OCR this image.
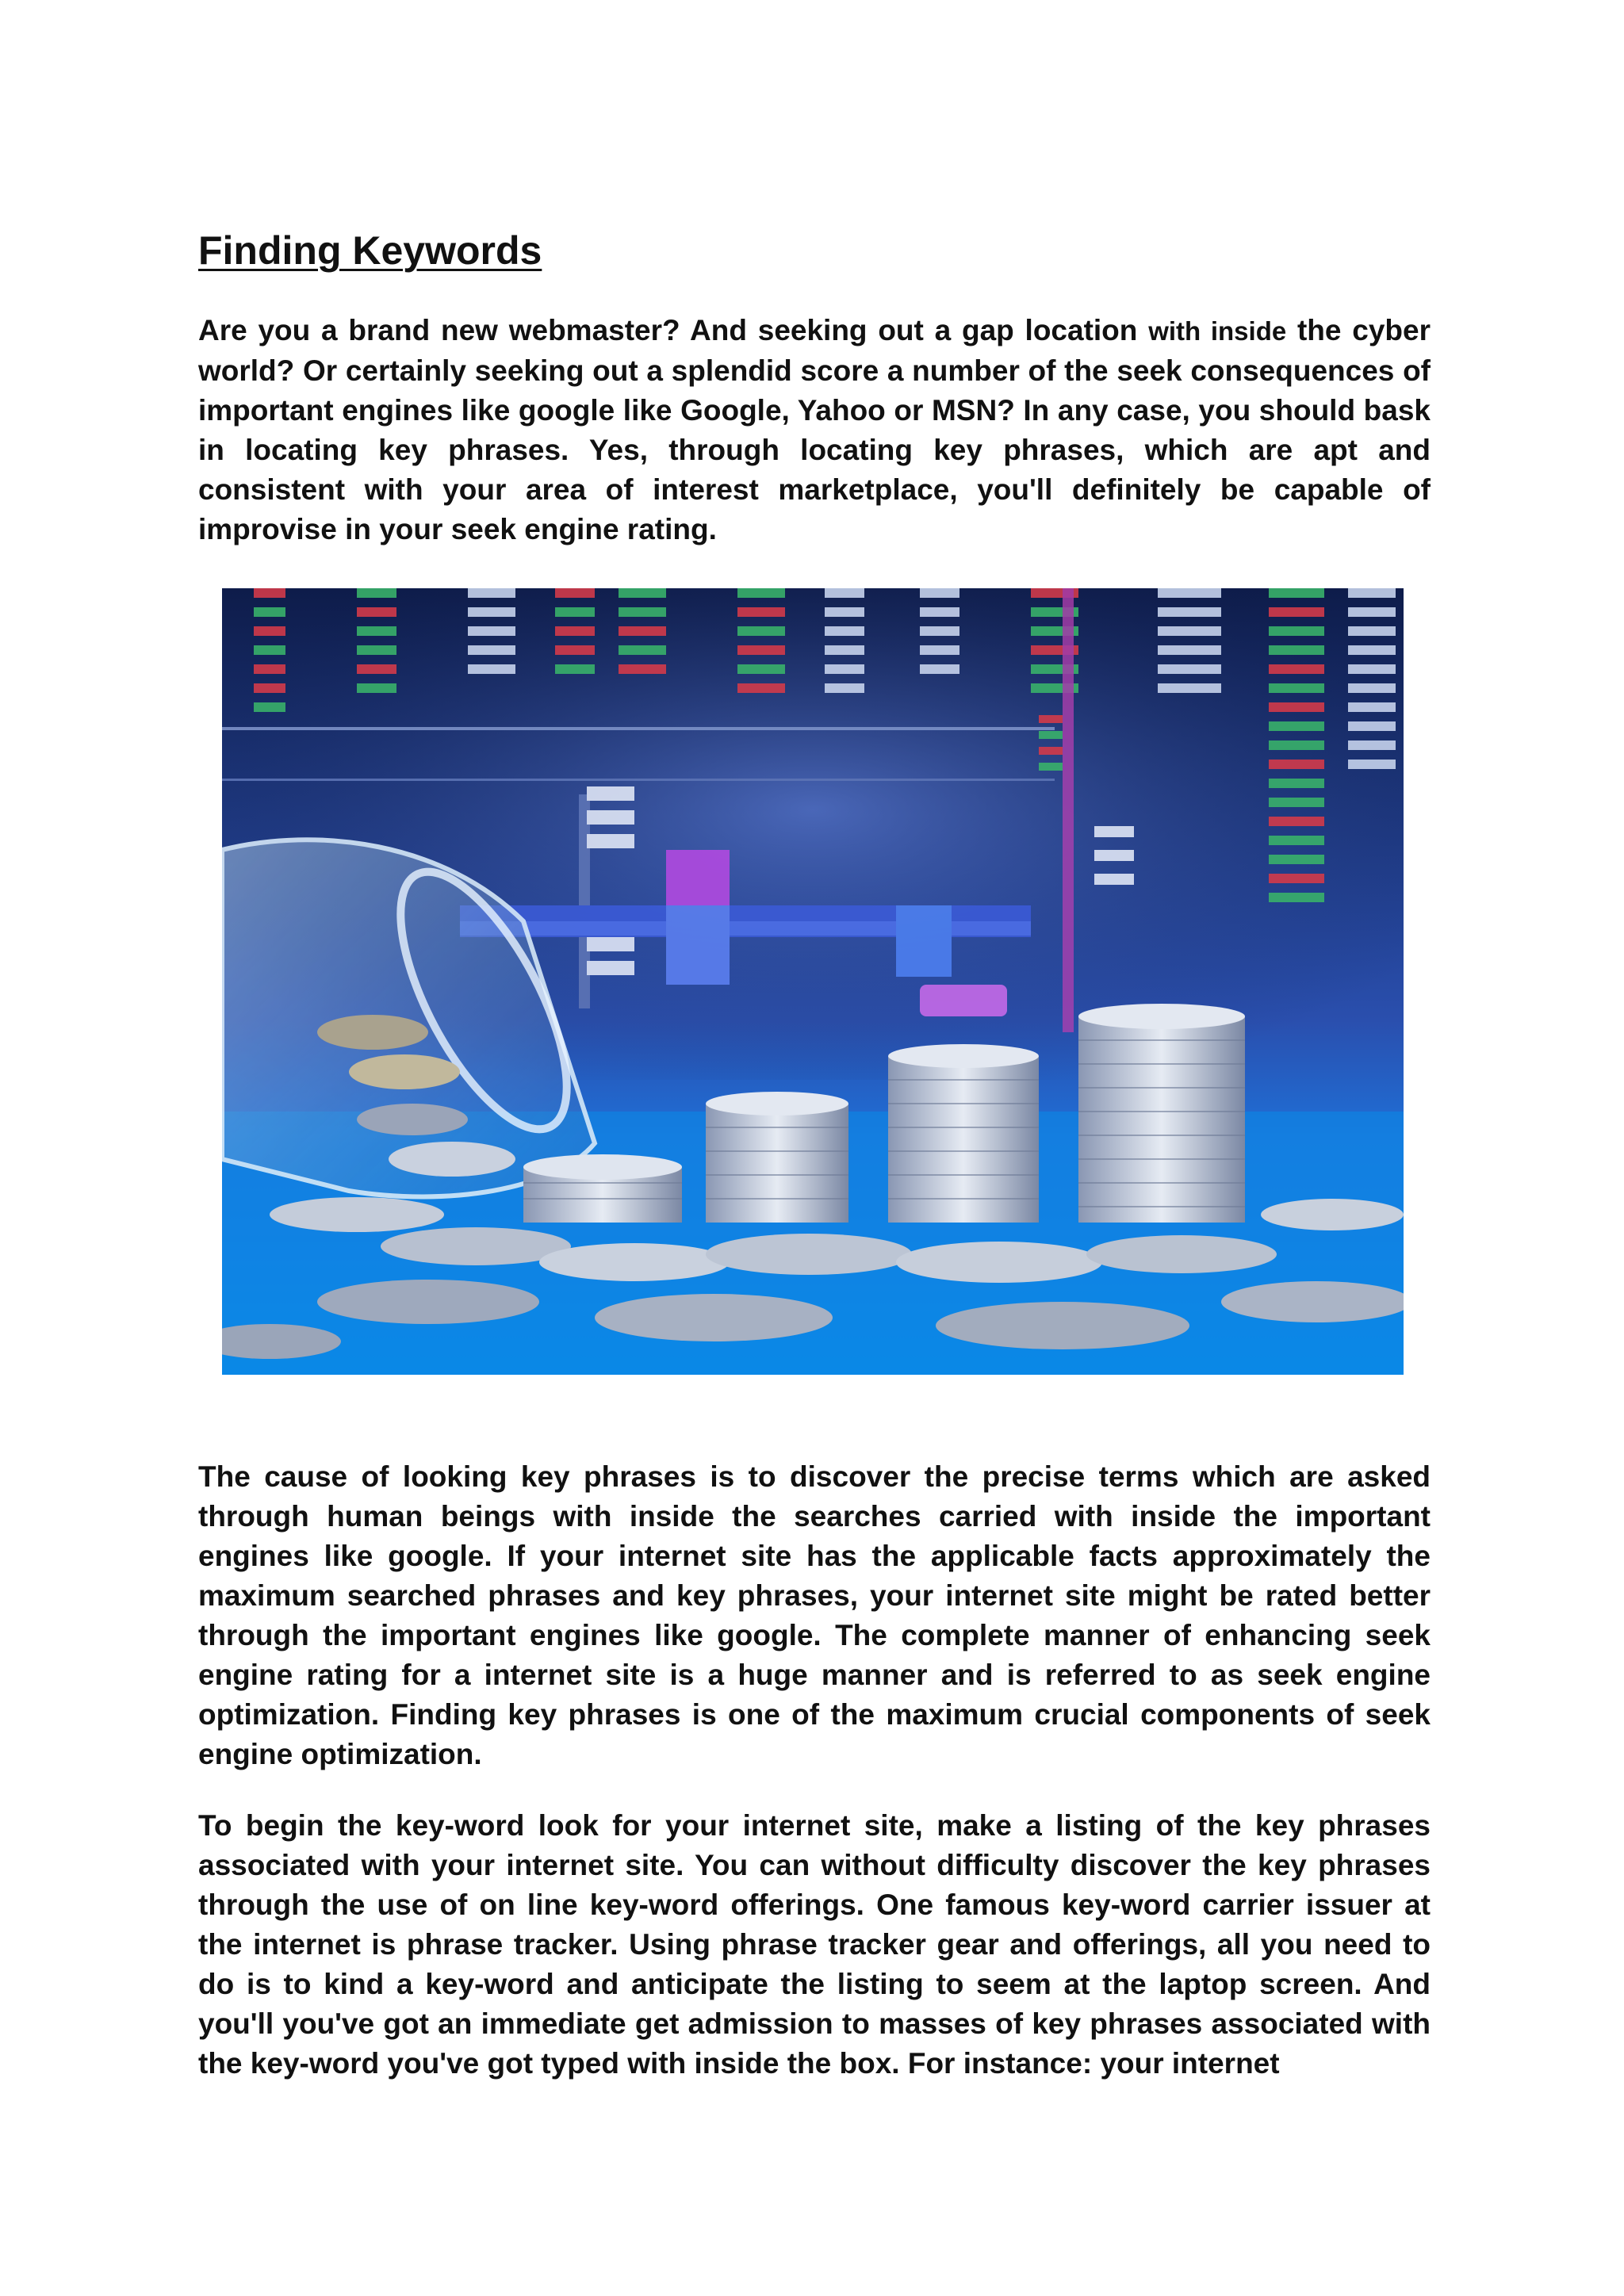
Finding Keywords

Are you a brand new webmaster? And seeking out a gap location with inside the cyber world? Or certainly seeking out a splendid score a number of the seek consequences of important engines like google like Google, Yahoo or MSN? In any case, you should bask in locating key phrases. Yes, through locating key phrases, which are apt and consistent with your area of interest marketplace, you'll definitely be capable of improvise in your seek engine rating.

The cause of looking key phrases is to discover the precise terms which are asked through human beings with inside the searches carried with inside the important engines like google. If your internet site has the applicable facts approximately the maximum searched phrases and key phrases, your internet site might be rated better through the important engines like google. The complete manner of enhancing seek engine rating for a internet site is a huge manner and is referred to as seek engine optimization. Finding key phrases is one of the maximum crucial components of seek engine optimization.

To begin the key-word look for your internet site, make a listing of the key phrases associated with your internet site. You can without difficulty discover the key phrases through the use of on line key-word offerings. One famous key-word carrier issuer at the internet is phrase tracker. Using phrase tracker gear and offerings, all you need to do is to kind a key-word and anticipate the listing to seem at the laptop screen. And you'll you've got an immediate get admission to masses of key phrases associated with the key-word you've got typed with inside the box. For instance: your internet
